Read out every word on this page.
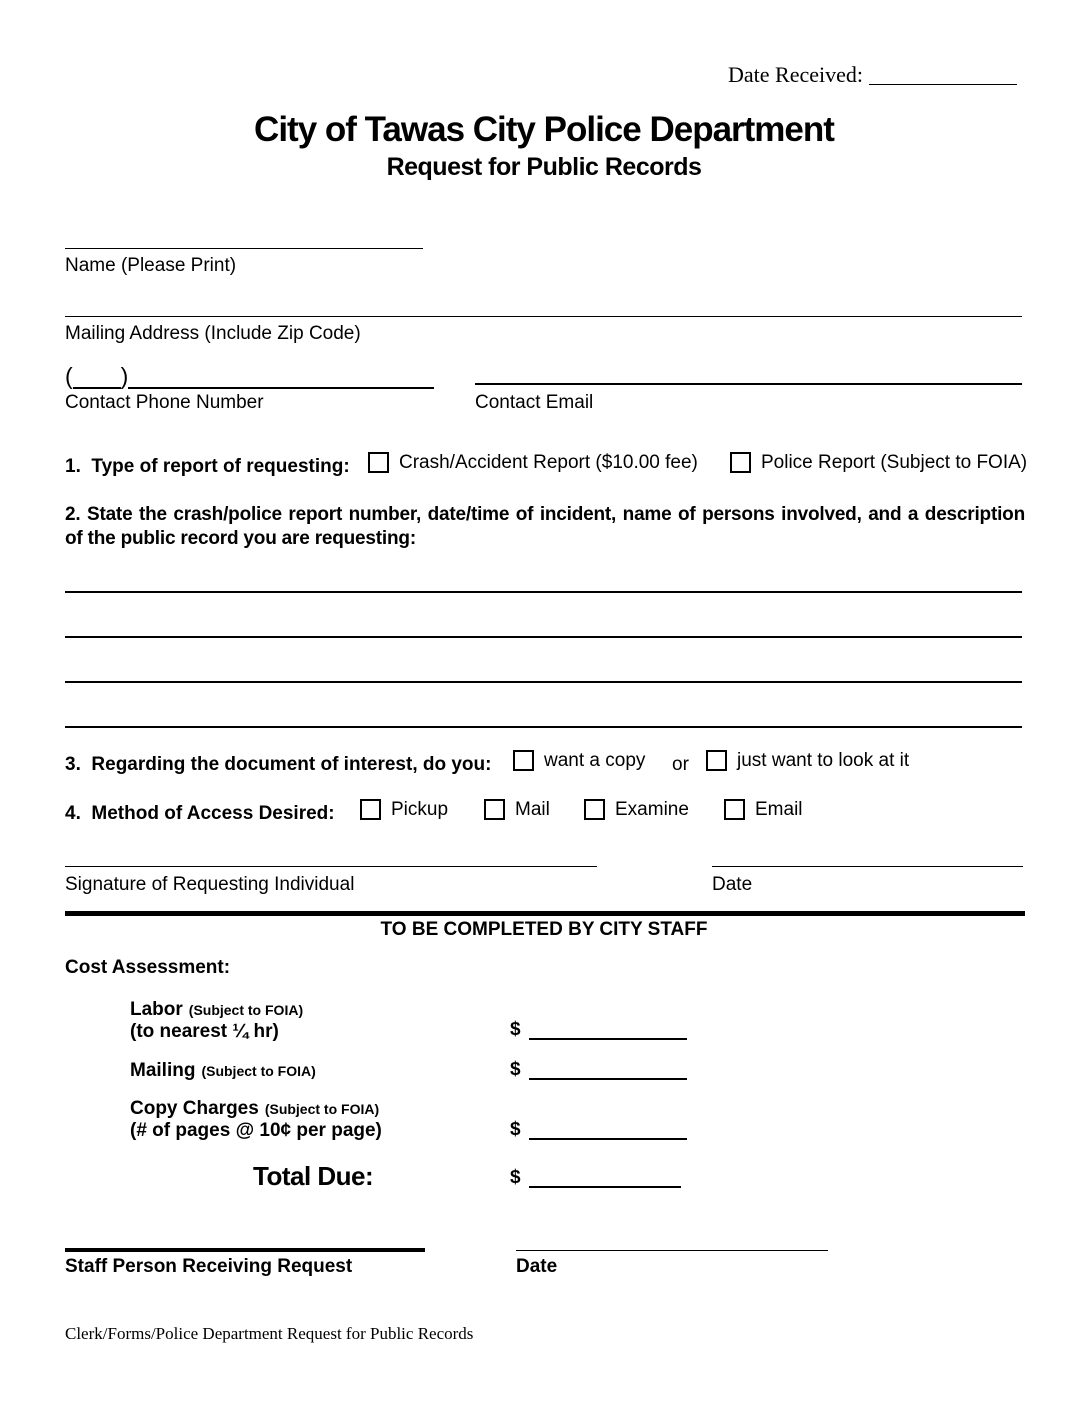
Date Received:
City of Tawas City Police Department
Request for Public Records
Name (Please Print)
Mailing Address (Include Zip Code)
( )
Contact Phone Number	Contact Email
1.  Type of report of requesting:	Crash/Accident Report ($10.00 fee)	Police Report (Subject to FOIA)
2. State the crash/police report number, date/time of incident, name of persons involved, and a description of the public record you are requesting:
3.  Regarding the document of interest, do you:	want a copy or	just want to look at it
4.  Method of Access Desired:	Pickup	Mail	Examine	Email
Signature of Requesting Individual	Date
TO BE COMPLETED BY CITY STAFF
Cost Assessment:
Labor (Subject to FOIA)
(to nearest ¼ hr)	$
Mailing (Subject to FOIA)	$
Copy Charges (Subject to FOIA)
(# of pages @ 10¢ per page)	$
Total Due:	$
Staff Person Receiving Request	Date
Clerk/Forms/Police Department Request for Public Records
